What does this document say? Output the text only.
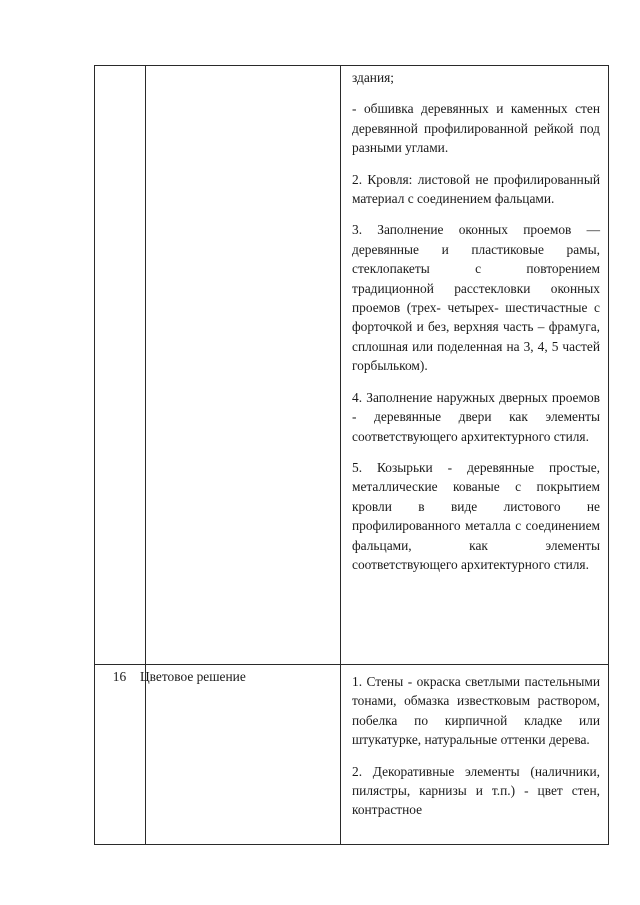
здания;

- обшивка деревянных и каменных стен деревянной профилированной рейкой под разными углами.

2. Кровля: листовой не профилированный материал с соединением фальцами.

3. Заполнение оконных проемов — деревянные и пластиковые рамы, стеклопакеты с повторением традиционной расстекловки оконных проемов (трех- четырех- шестичастные с форточкой и без, верхняя часть – фрамуга, сплошная или поделенная на 3, 4, 5 частей горбыльком).

4. Заполнение наружных дверных проемов - деревянные двери как элементы соответствующего архитектурного стиля.

5. Козырьки - деревянные простые, металлические кованые с покрытием кровли в виде листового не профилированного металла с соединением фальцами, как элементы соответствующего архитектурного стиля.

16	Цветовое решение	1. Стены - окраска светлыми пастельными тонами, обмазка известковым раствором, побелка по кирпичной кладке или штукатурке, натуральные оттенки дерева.

2. Декоративные элементы (наличники, пилястры, карнизы и т.п.) - цвет стен, контрастное
